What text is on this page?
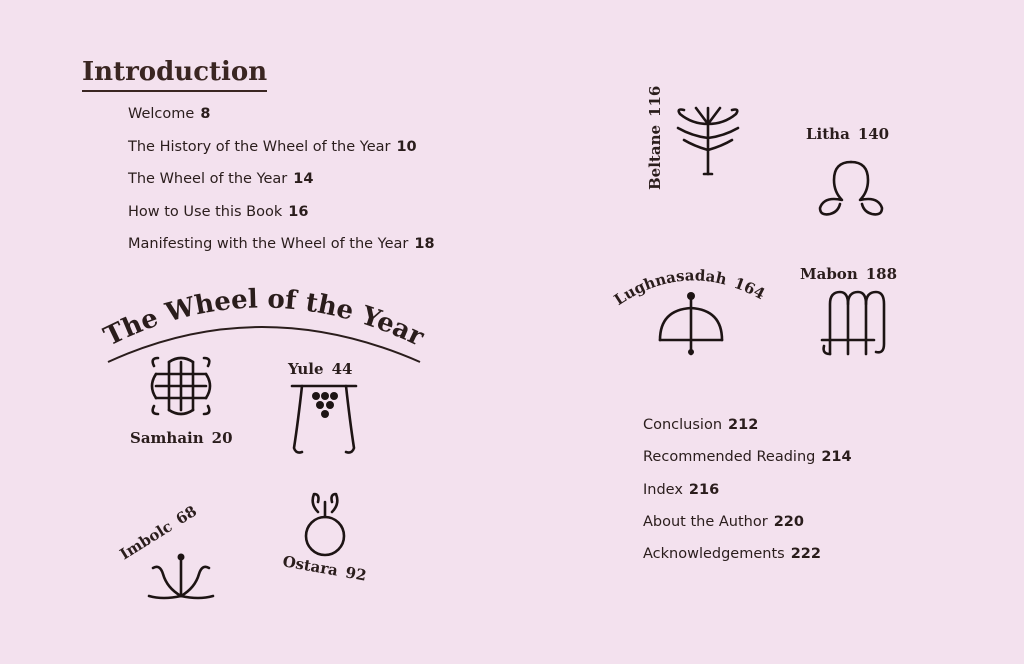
Introduction
Welcome 8
The History of the Wheel of the Year 10
The Wheel of the Year 14
How to Use this Book 16
Manifesting with the Wheel of the Year 18
The Wheel of the Year
Samhain 20
Yule 44
Imbolc68
Ostara 92
Beltane116
Litha 140
Lughnasadah 164
Mabon 188
Conclusion 212
Recommended Reading 214
Index 216
About the Author 220
Acknowledgements 222
